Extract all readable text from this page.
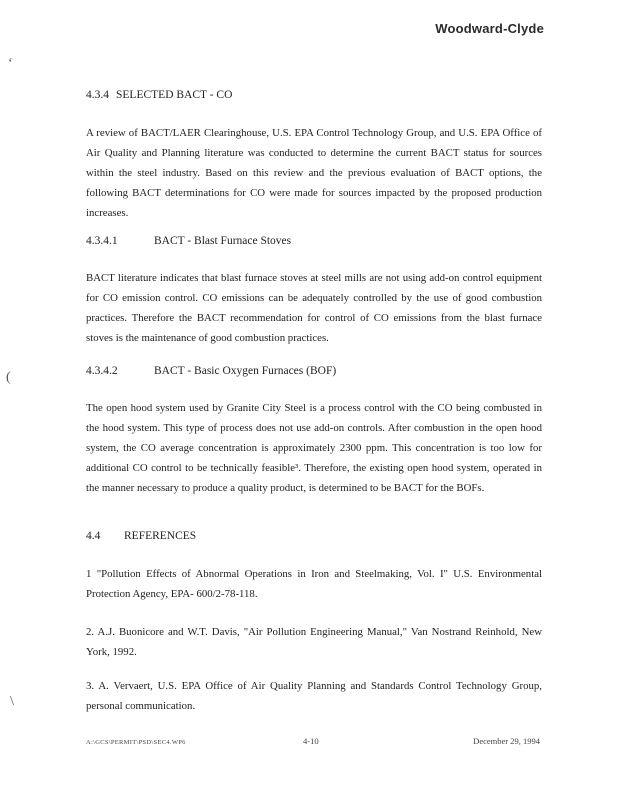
Woodward-Clyde
‘
(
\
4.3.4 SELECTED BACT - CO
A review of BACT/LAER Clearinghouse, U.S. EPA Control Technology Group, and U.S. EPA Office of Air Quality and Planning literature was conducted to determine the current BACT status for sources within the steel industry. Based on this review and the previous evaluation of BACT options, the following BACT determinations for CO were made for sources impacted by the proposed production increases.
4.3.4.1	BACT - Blast Furnace Stoves
BACT literature indicates that blast furnace stoves at steel mills are not using add-on control equipment for CO emission control. CO emissions can be adequately controlled by the use of good combustion practices. Therefore the BACT recommendation for control of CO emissions from the blast furnace stoves is the maintenance of good combustion practices.
4.3.4.2	BACT - Basic Oxygen Furnaces (BOF)
The open hood system used by Granite City Steel is a process control with the CO being combusted in the hood system. This type of process does not use add-on controls. After combustion in the open hood system, the CO average concentration is approximately 2300 ppm. This concentration is too low for additional CO control to be technically feasible³. Therefore, the existing open hood system, operated in the manner necessary to produce a quality product, is determined to be BACT for the BOFs.
4.4 REFERENCES
1 "Pollution Effects of Abnormal Operations in Iron and Steelmaking, Vol. I" U.S. Environmental Protection Agency, EPA- 600/2-78-118.
2. A.J. Buonicore and W.T. Davis, "Air Pollution Engineering Manual," Van Nostrand Reinhold, New York, 1992.
3. A. Vervaert, U.S. EPA Office of Air Quality Planning and Standards Control Technology Group, personal communication.
A:\GCS\PERMIT\PSD\SEC4.WP6	4-10	December 29, 1994
